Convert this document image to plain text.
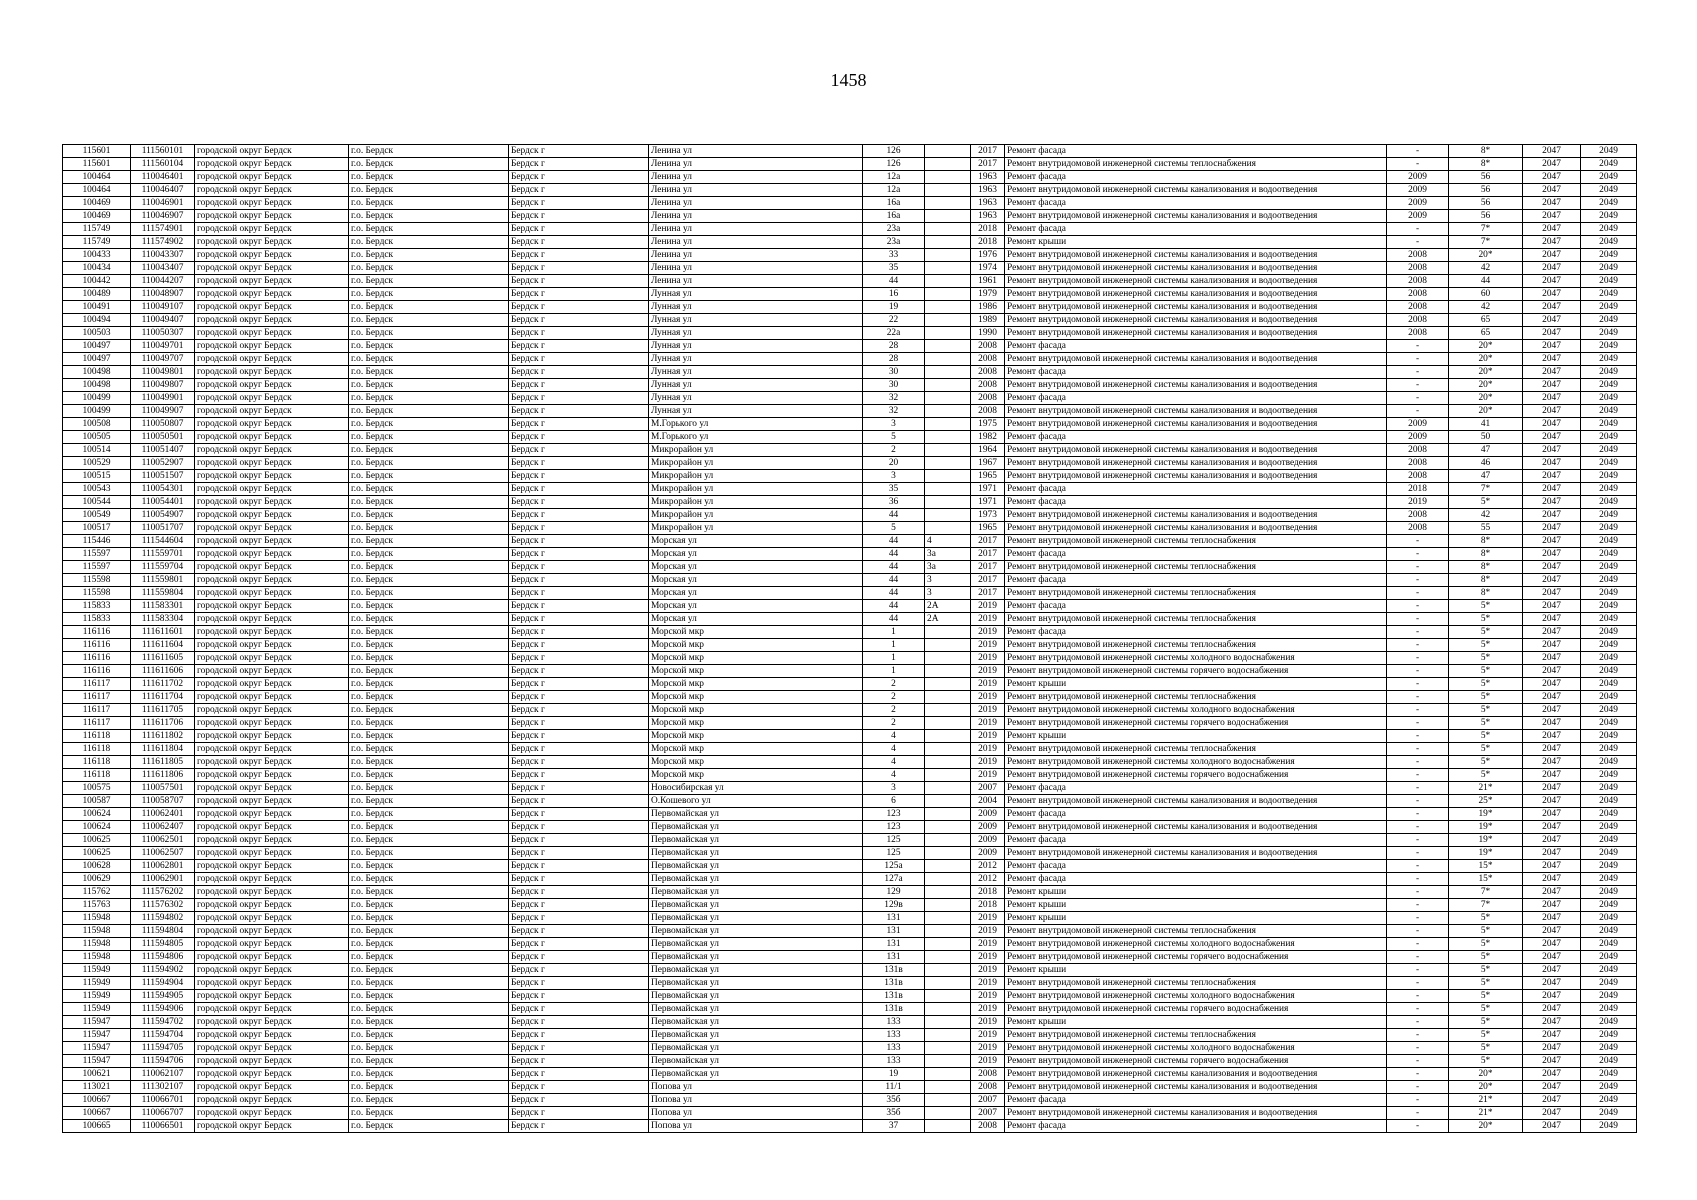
1458
115601	111560101	городской округ Бердск	г.о. Бердск	Бердск г	Ленина ул	126		2017	Ремонт фасада	-	8*	2047	2049
115601	111560104	городской округ Бердск	г.о. Бердск	Бердск г	Ленина ул	126		2017	Ремонт внутридомовой инженерной системы теплоснабжения	-	8*	2047	2049
100464	110046401	городской округ Бердск	г.о. Бердск	Бердск г	Ленина ул	12а		1963	Ремонт фасада	2009	56	2047	2049
100464	110046407	городской округ Бердск	г.о. Бердск	Бердск г	Ленина ул	12а		1963	Ремонт внутридомовой инженерной системы канализования и водоотведения	2009	56	2047	2049
100469	110046901	городской округ Бердск	г.о. Бердск	Бердск г	Ленина ул	16а		1963	Ремонт фасада	2009	56	2047	2049
100469	110046907	городской округ Бердск	г.о. Бердск	Бердск г	Ленина ул	16а		1963	Ремонт внутридомовой инженерной системы канализования и водоотведения	2009	56	2047	2049
115749	111574901	городской округ Бердск	г.о. Бердск	Бердск г	Ленина ул	23а		2018	Ремонт фасада	-	7*	2047	2049
115749	111574902	городской округ Бердск	г.о. Бердск	Бердск г	Ленина ул	23а		2018	Ремонт крыши	-	7*	2047	2049
100433	110043307	городской округ Бердск	г.о. Бердск	Бердск г	Ленина ул	33		1976	Ремонт внутридомовой инженерной системы канализования и водоотведения	2008	20*	2047	2049
100434	110043407	городской округ Бердск	г.о. Бердск	Бердск г	Ленина ул	35		1974	Ремонт внутридомовой инженерной системы канализования и водоотведения	2008	42	2047	2049
100442	110044207	городской округ Бердск	г.о. Бердск	Бердск г	Ленина ул	44		1961	Ремонт внутридомовой инженерной системы канализования и водоотведения	2008	44	2047	2049
100489	110048907	городской округ Бердск	г.о. Бердск	Бердск г	Лунная ул	16		1979	Ремонт внутридомовой инженерной системы канализования и водоотведения	2008	60	2047	2049
100491	110049107	городской округ Бердск	г.о. Бердск	Бердск г	Лунная ул	19		1986	Ремонт внутридомовой инженерной системы канализования и водоотведения	2008	42	2047	2049
100494	110049407	городской округ Бердск	г.о. Бердск	Бердск г	Лунная ул	22		1989	Ремонт внутридомовой инженерной системы канализования и водоотведения	2008	65	2047	2049
100503	110050307	городской округ Бердск	г.о. Бердск	Бердск г	Лунная ул	22а		1990	Ремонт внутридомовой инженерной системы канализования и водоотведения	2008	65	2047	2049
100497	110049701	городской округ Бердск	г.о. Бердск	Бердск г	Лунная ул	28		2008	Ремонт фасада	-	20*	2047	2049
100497	110049707	городской округ Бердск	г.о. Бердск	Бердск г	Лунная ул	28		2008	Ремонт внутридомовой инженерной системы канализования и водоотведения	-	20*	2047	2049
100498	110049801	городской округ Бердск	г.о. Бердск	Бердск г	Лунная ул	30		2008	Ремонт фасада	-	20*	2047	2049
100498	110049807	городской округ Бердск	г.о. Бердск	Бердск г	Лунная ул	30		2008	Ремонт внутридомовой инженерной системы канализования и водоотведения	-	20*	2047	2049
100499	110049901	городской округ Бердск	г.о. Бердск	Бердск г	Лунная ул	32		2008	Ремонт фасада	-	20*	2047	2049
100499	110049907	городской округ Бердск	г.о. Бердск	Бердск г	Лунная ул	32		2008	Ремонт внутридомовой инженерной системы канализования и водоотведения	-	20*	2047	2049
100508	110050807	городской округ Бердск	г.о. Бердск	Бердск г	М.Горького ул	3		1975	Ремонт внутридомовой инженерной системы канализования и водоотведения	2009	41	2047	2049
100505	110050501	городской округ Бердск	г.о. Бердск	Бердск г	М.Горького ул	5		1982	Ремонт фасада	2009	50	2047	2049
100514	110051407	городской округ Бердск	г.о. Бердск	Бердск г	Микрорайон ул	2		1964	Ремонт внутридомовой инженерной системы канализования и водоотведения	2008	47	2047	2049
100529	110052907	городской округ Бердск	г.о. Бердск	Бердск г	Микрорайон ул	20		1967	Ремонт внутридомовой инженерной системы канализования и водоотведения	2008	46	2047	2049
100515	110051507	городской округ Бердск	г.о. Бердск	Бердск г	Микрорайон ул	3		1965	Ремонт внутридомовой инженерной системы канализования и водоотведения	2008	47	2047	2049
100543	110054301	городской округ Бердск	г.о. Бердск	Бердск г	Микрорайон ул	35		1971	Ремонт фасада	2018	7*	2047	2049
100544	110054401	городской округ Бердск	г.о. Бердск	Бердск г	Микрорайон ул	36		1971	Ремонт фасада	2019	5*	2047	2049
100549	110054907	городской округ Бердск	г.о. Бердск	Бердск г	Микрорайон ул	44		1973	Ремонт внутридомовой инженерной системы канализования и водоотведения	2008	42	2047	2049
100517	110051707	городской округ Бердск	г.о. Бердск	Бердск г	Микрорайон ул	5		1965	Ремонт внутридомовой инженерной системы канализования и водоотведения	2008	55	2047	2049
115446	111544604	городской округ Бердск	г.о. Бердск	Бердск г	Морская ул	44	4	2017	Ремонт внутридомовой инженерной системы теплоснабжения	-	8*	2047	2049
115597	111559701	городской округ Бердск	г.о. Бердск	Бердск г	Морская ул	44	3а	2017	Ремонт фасада	-	8*	2047	2049
115597	111559704	городской округ Бердск	г.о. Бердск	Бердск г	Морская ул	44	3а	2017	Ремонт внутридомовой инженерной системы теплоснабжения	-	8*	2047	2049
115598	111559801	городской округ Бердск	г.о. Бердск	Бердск г	Морская ул	44	3	2017	Ремонт фасада	-	8*	2047	2049
115598	111559804	городской округ Бердск	г.о. Бердск	Бердск г	Морская ул	44	3	2017	Ремонт внутридомовой инженерной системы теплоснабжения	-	8*	2047	2049
115833	111583301	городской округ Бердск	г.о. Бердск	Бердск г	Морская ул	44	2А	2019	Ремонт фасада	-	5*	2047	2049
115833	111583304	городской округ Бердск	г.о. Бердск	Бердск г	Морская ул	44	2А	2019	Ремонт внутридомовой инженерной системы теплоснабжения	-	5*	2047	2049
116116	111611601	городской округ Бердск	г.о. Бердск	Бердск г	Морской мкр	1		2019	Ремонт фасада	-	5*	2047	2049
116116	111611604	городской округ Бердск	г.о. Бердск	Бердск г	Морской мкр	1		2019	Ремонт внутридомовой инженерной системы теплоснабжения	-	5*	2047	2049
116116	111611605	городской округ Бердск	г.о. Бердск	Бердск г	Морской мкр	1		2019	Ремонт внутридомовой инженерной системы холодного водоснабжения	-	5*	2047	2049
116116	111611606	городской округ Бердск	г.о. Бердск	Бердск г	Морской мкр	1		2019	Ремонт внутридомовой инженерной системы горячего водоснабжения	-	5*	2047	2049
116117	111611702	городской округ Бердск	г.о. Бердск	Бердск г	Морской мкр	2		2019	Ремонт крыши	-	5*	2047	2049
116117	111611704	городской округ Бердск	г.о. Бердск	Бердск г	Морской мкр	2		2019	Ремонт внутридомовой инженерной системы теплоснабжения	-	5*	2047	2049
116117	111611705	городской округ Бердск	г.о. Бердск	Бердск г	Морской мкр	2		2019	Ремонт внутридомовой инженерной системы холодного водоснабжения	-	5*	2047	2049
116117	111611706	городской округ Бердск	г.о. Бердск	Бердск г	Морской мкр	2		2019	Ремонт внутридомовой инженерной системы горячего водоснабжения	-	5*	2047	2049
116118	111611802	городской округ Бердск	г.о. Бердск	Бердск г	Морской мкр	4		2019	Ремонт крыши	-	5*	2047	2049
116118	111611804	городской округ Бердск	г.о. Бердск	Бердск г	Морской мкр	4		2019	Ремонт внутридомовой инженерной системы теплоснабжения	-	5*	2047	2049
116118	111611805	городской округ Бердск	г.о. Бердск	Бердск г	Морской мкр	4		2019	Ремонт внутридомовой инженерной системы холодного водоснабжения	-	5*	2047	2049
116118	111611806	городской округ Бердск	г.о. Бердск	Бердск г	Морской мкр	4		2019	Ремонт внутридомовой инженерной системы горячего водоснабжения	-	5*	2047	2049
100575	110057501	городской округ Бердск	г.о. Бердск	Бердск г	Новосибирская ул	3		2007	Ремонт фасада	-	21*	2047	2049
100587	110058707	городской округ Бердск	г.о. Бердск	Бердск г	О.Кошевого ул	6		2004	Ремонт внутридомовой инженерной системы канализования и водоотведения	-	25*	2047	2049
100624	110062401	городской округ Бердск	г.о. Бердск	Бердск г	Первомайская ул	123		2009	Ремонт фасада	-	19*	2047	2049
100624	110062407	городской округ Бердск	г.о. Бердск	Бердск г	Первомайская ул	123		2009	Ремонт внутридомовой инженерной системы канализования и водоотведения	-	19*	2047	2049
100625	110062501	городской округ Бердск	г.о. Бердск	Бердск г	Первомайская ул	125		2009	Ремонт фасада	-	19*	2047	2049
100625	110062507	городской округ Бердск	г.о. Бердск	Бердск г	Первомайская ул	125		2009	Ремонт внутридомовой инженерной системы канализования и водоотведения	-	19*	2047	2049
100628	110062801	городской округ Бердск	г.о. Бердск	Бердск г	Первомайская ул	125а		2012	Ремонт фасада	-	15*	2047	2049
100629	110062901	городской округ Бердск	г.о. Бердск	Бердск г	Первомайская ул	127а		2012	Ремонт фасада	-	15*	2047	2049
115762	111576202	городской округ Бердск	г.о. Бердск	Бердск г	Первомайская ул	129		2018	Ремонт крыши	-	7*	2047	2049
115763	111576302	городской округ Бердск	г.о. Бердск	Бердск г	Первомайская ул	129в		2018	Ремонт крыши	-	7*	2047	2049
115948	111594802	городской округ Бердск	г.о. Бердск	Бердск г	Первомайская ул	131		2019	Ремонт крыши	-	5*	2047	2049
115948	111594804	городской округ Бердск	г.о. Бердск	Бердск г	Первомайская ул	131		2019	Ремонт внутридомовой инженерной системы теплоснабжения	-	5*	2047	2049
115948	111594805	городской округ Бердск	г.о. Бердск	Бердск г	Первомайская ул	131		2019	Ремонт внутридомовой инженерной системы холодного водоснабжения	-	5*	2047	2049
115948	111594806	городской округ Бердск	г.о. Бердск	Бердск г	Первомайская ул	131		2019	Ремонт внутридомовой инженерной системы горячего водоснабжения	-	5*	2047	2049
115949	111594902	городской округ Бердск	г.о. Бердск	Бердск г	Первомайская ул	131в		2019	Ремонт крыши	-	5*	2047	2049
115949	111594904	городской округ Бердск	г.о. Бердск	Бердск г	Первомайская ул	131в		2019	Ремонт внутридомовой инженерной системы теплоснабжения	-	5*	2047	2049
115949	111594905	городской округ Бердск	г.о. Бердск	Бердск г	Первомайская ул	131в		2019	Ремонт внутридомовой инженерной системы холодного водоснабжения	-	5*	2047	2049
115949	111594906	городской округ Бердск	г.о. Бердск	Бердск г	Первомайская ул	131в		2019	Ремонт внутридомовой инженерной системы горячего водоснабжения	-	5*	2047	2049
115947	111594702	городской округ Бердск	г.о. Бердск	Бердск г	Первомайская ул	133		2019	Ремонт крыши	-	5*	2047	2049
115947	111594704	городской округ Бердск	г.о. Бердск	Бердск г	Первомайская ул	133		2019	Ремонт внутридомовой инженерной системы теплоснабжения	-	5*	2047	2049
115947	111594705	городской округ Бердск	г.о. Бердск	Бердск г	Первомайская ул	133		2019	Ремонт внутридомовой инженерной системы холодного водоснабжения	-	5*	2047	2049
115947	111594706	городской округ Бердск	г.о. Бердск	Бердск г	Первомайская ул	133		2019	Ремонт внутридомовой инженерной системы горячего водоснабжения	-	5*	2047	2049
100621	110062107	городской округ Бердск	г.о. Бердск	Бердск г	Первомайская ул	19		2008	Ремонт внутридомовой инженерной системы канализования и водоотведения	-	20*	2047	2049
113021	111302107	городской округ Бердск	г.о. Бердск	Бердск г	Попова ул	11/1		2008	Ремонт внутридомовой инженерной системы канализования и водоотведения	-	20*	2047	2049
100667	110066701	городской округ Бердск	г.о. Бердск	Бердск г	Попова ул	35б		2007	Ремонт фасада	-	21*	2047	2049
100667	110066707	городской округ Бердск	г.о. Бердск	Бердск г	Попова ул	35б		2007	Ремонт внутридомовой инженерной системы канализования и водоотведения	-	21*	2047	2049
100665	110066501	городской округ Бердск	г.о. Бердск	Бердск г	Попова ул	37		2008	Ремонт фасада	-	20*	2047	2049
